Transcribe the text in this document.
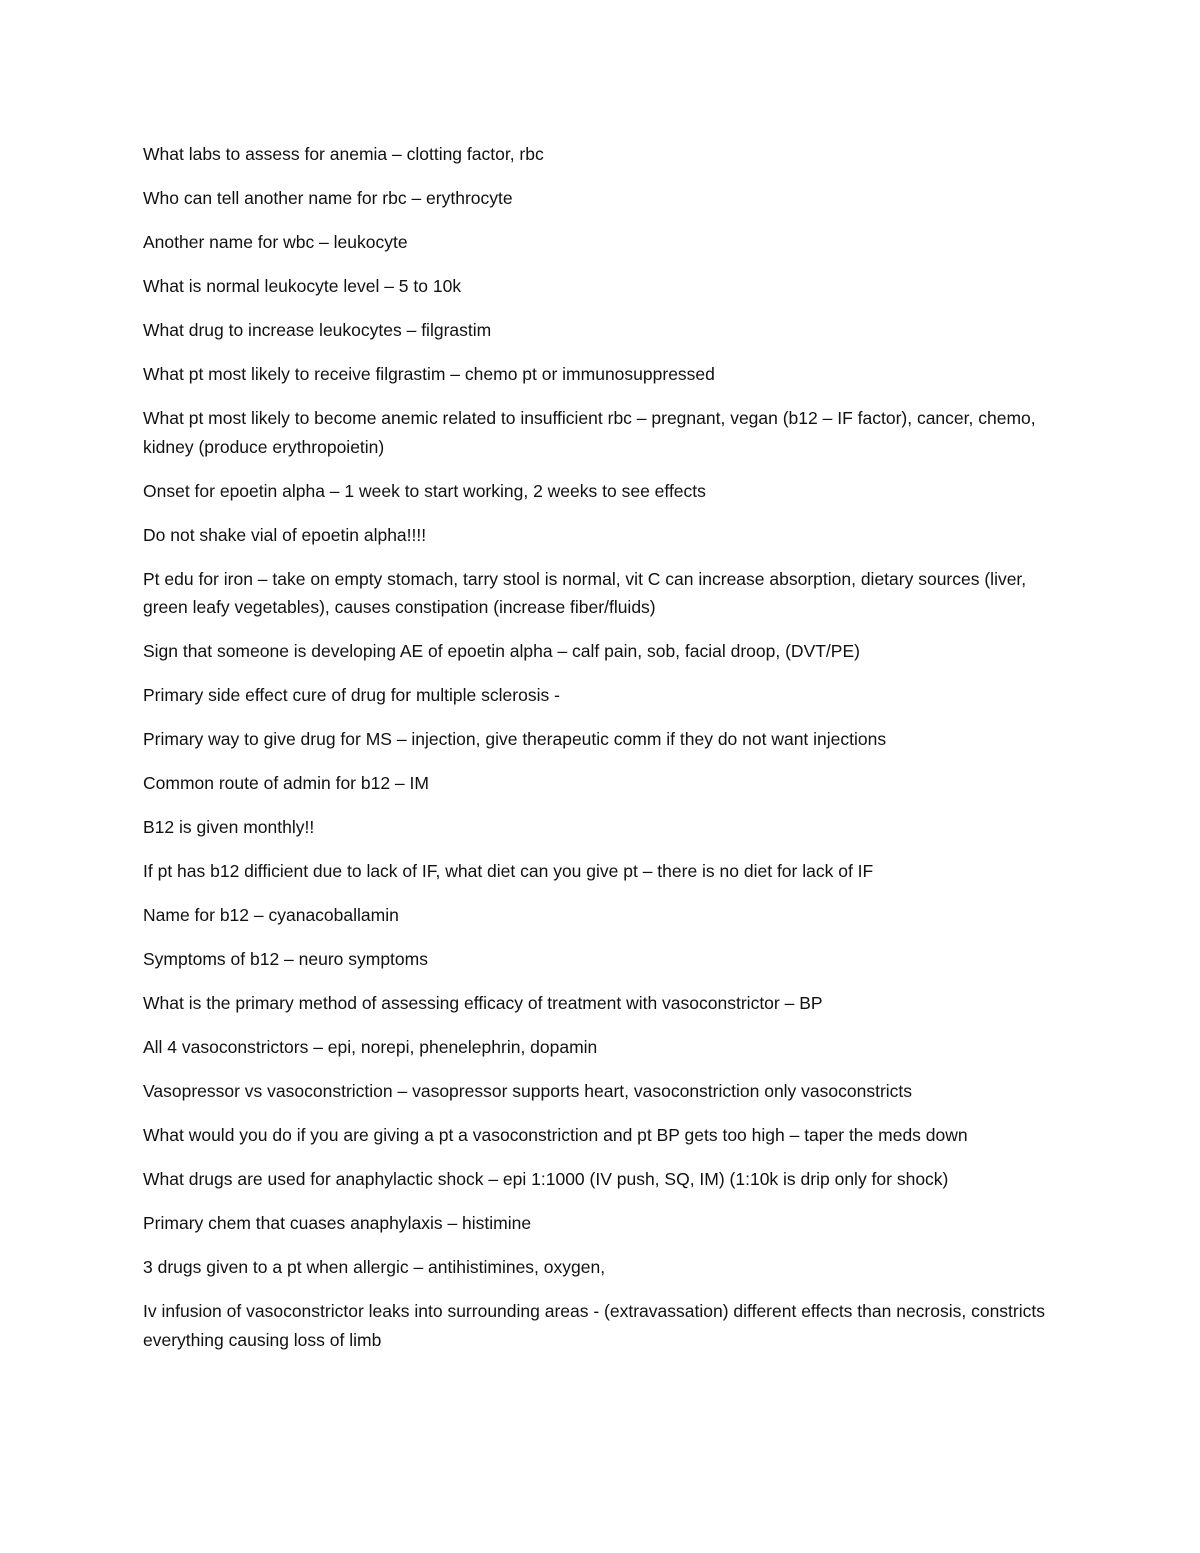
What labs to assess for anemia – clotting factor, rbc

Who can tell another name for rbc – erythrocyte

Another name for wbc – leukocyte

What is normal leukocyte level – 5 to 10k

What drug to increase leukocytes – filgrastim

What pt most likely to receive filgrastim – chemo pt or immunosuppressed

What pt most likely to become anemic related to insufficient rbc – pregnant, vegan (b12 – IF factor), cancer, chemo, kidney (produce erythropoietin)

Onset for epoetin alpha – 1 week to start working, 2 weeks to see effects

Do not shake vial of epoetin alpha!!!!

Pt edu for iron – take on empty stomach, tarry stool is normal, vit C can increase absorption, dietary sources (liver, green leafy vegetables), causes constipation (increase fiber/fluids)

Sign that someone is developing AE of epoetin alpha – calf pain, sob, facial droop, (DVT/PE)

Primary side effect cure of drug for multiple sclerosis -

Primary way to give drug for MS – injection, give therapeutic comm if they do not want injections

Common route of admin for b12 – IM

B12 is given monthly!!

If pt has b12 difficient due to lack of IF, what diet can you give pt – there is no diet for lack of IF

Name for b12 – cyanacoballamin

Symptoms of b12 – neuro symptoms

What is the primary method of assessing efficacy of treatment with vasoconstrictor – BP

All 4 vasoconstrictors – epi, norepi, phenelephrin, dopamin

Vasopressor vs vasoconstriction – vasopressor supports heart, vasoconstriction only vasoconstricts

What would you do if you are giving a pt a vasoconstriction and pt BP gets too high – taper the meds down

What drugs are used for anaphylactic shock – epi 1:1000 (IV push, SQ, IM) (1:10k is drip only for shock)

Primary chem that cuases anaphylaxis – histimine

3 drugs given to a pt when allergic – antihistimines, oxygen,

Iv infusion of vasoconstrictor leaks into surrounding areas - (extravassation) different effects than necrosis, constricts everything causing loss of limb
